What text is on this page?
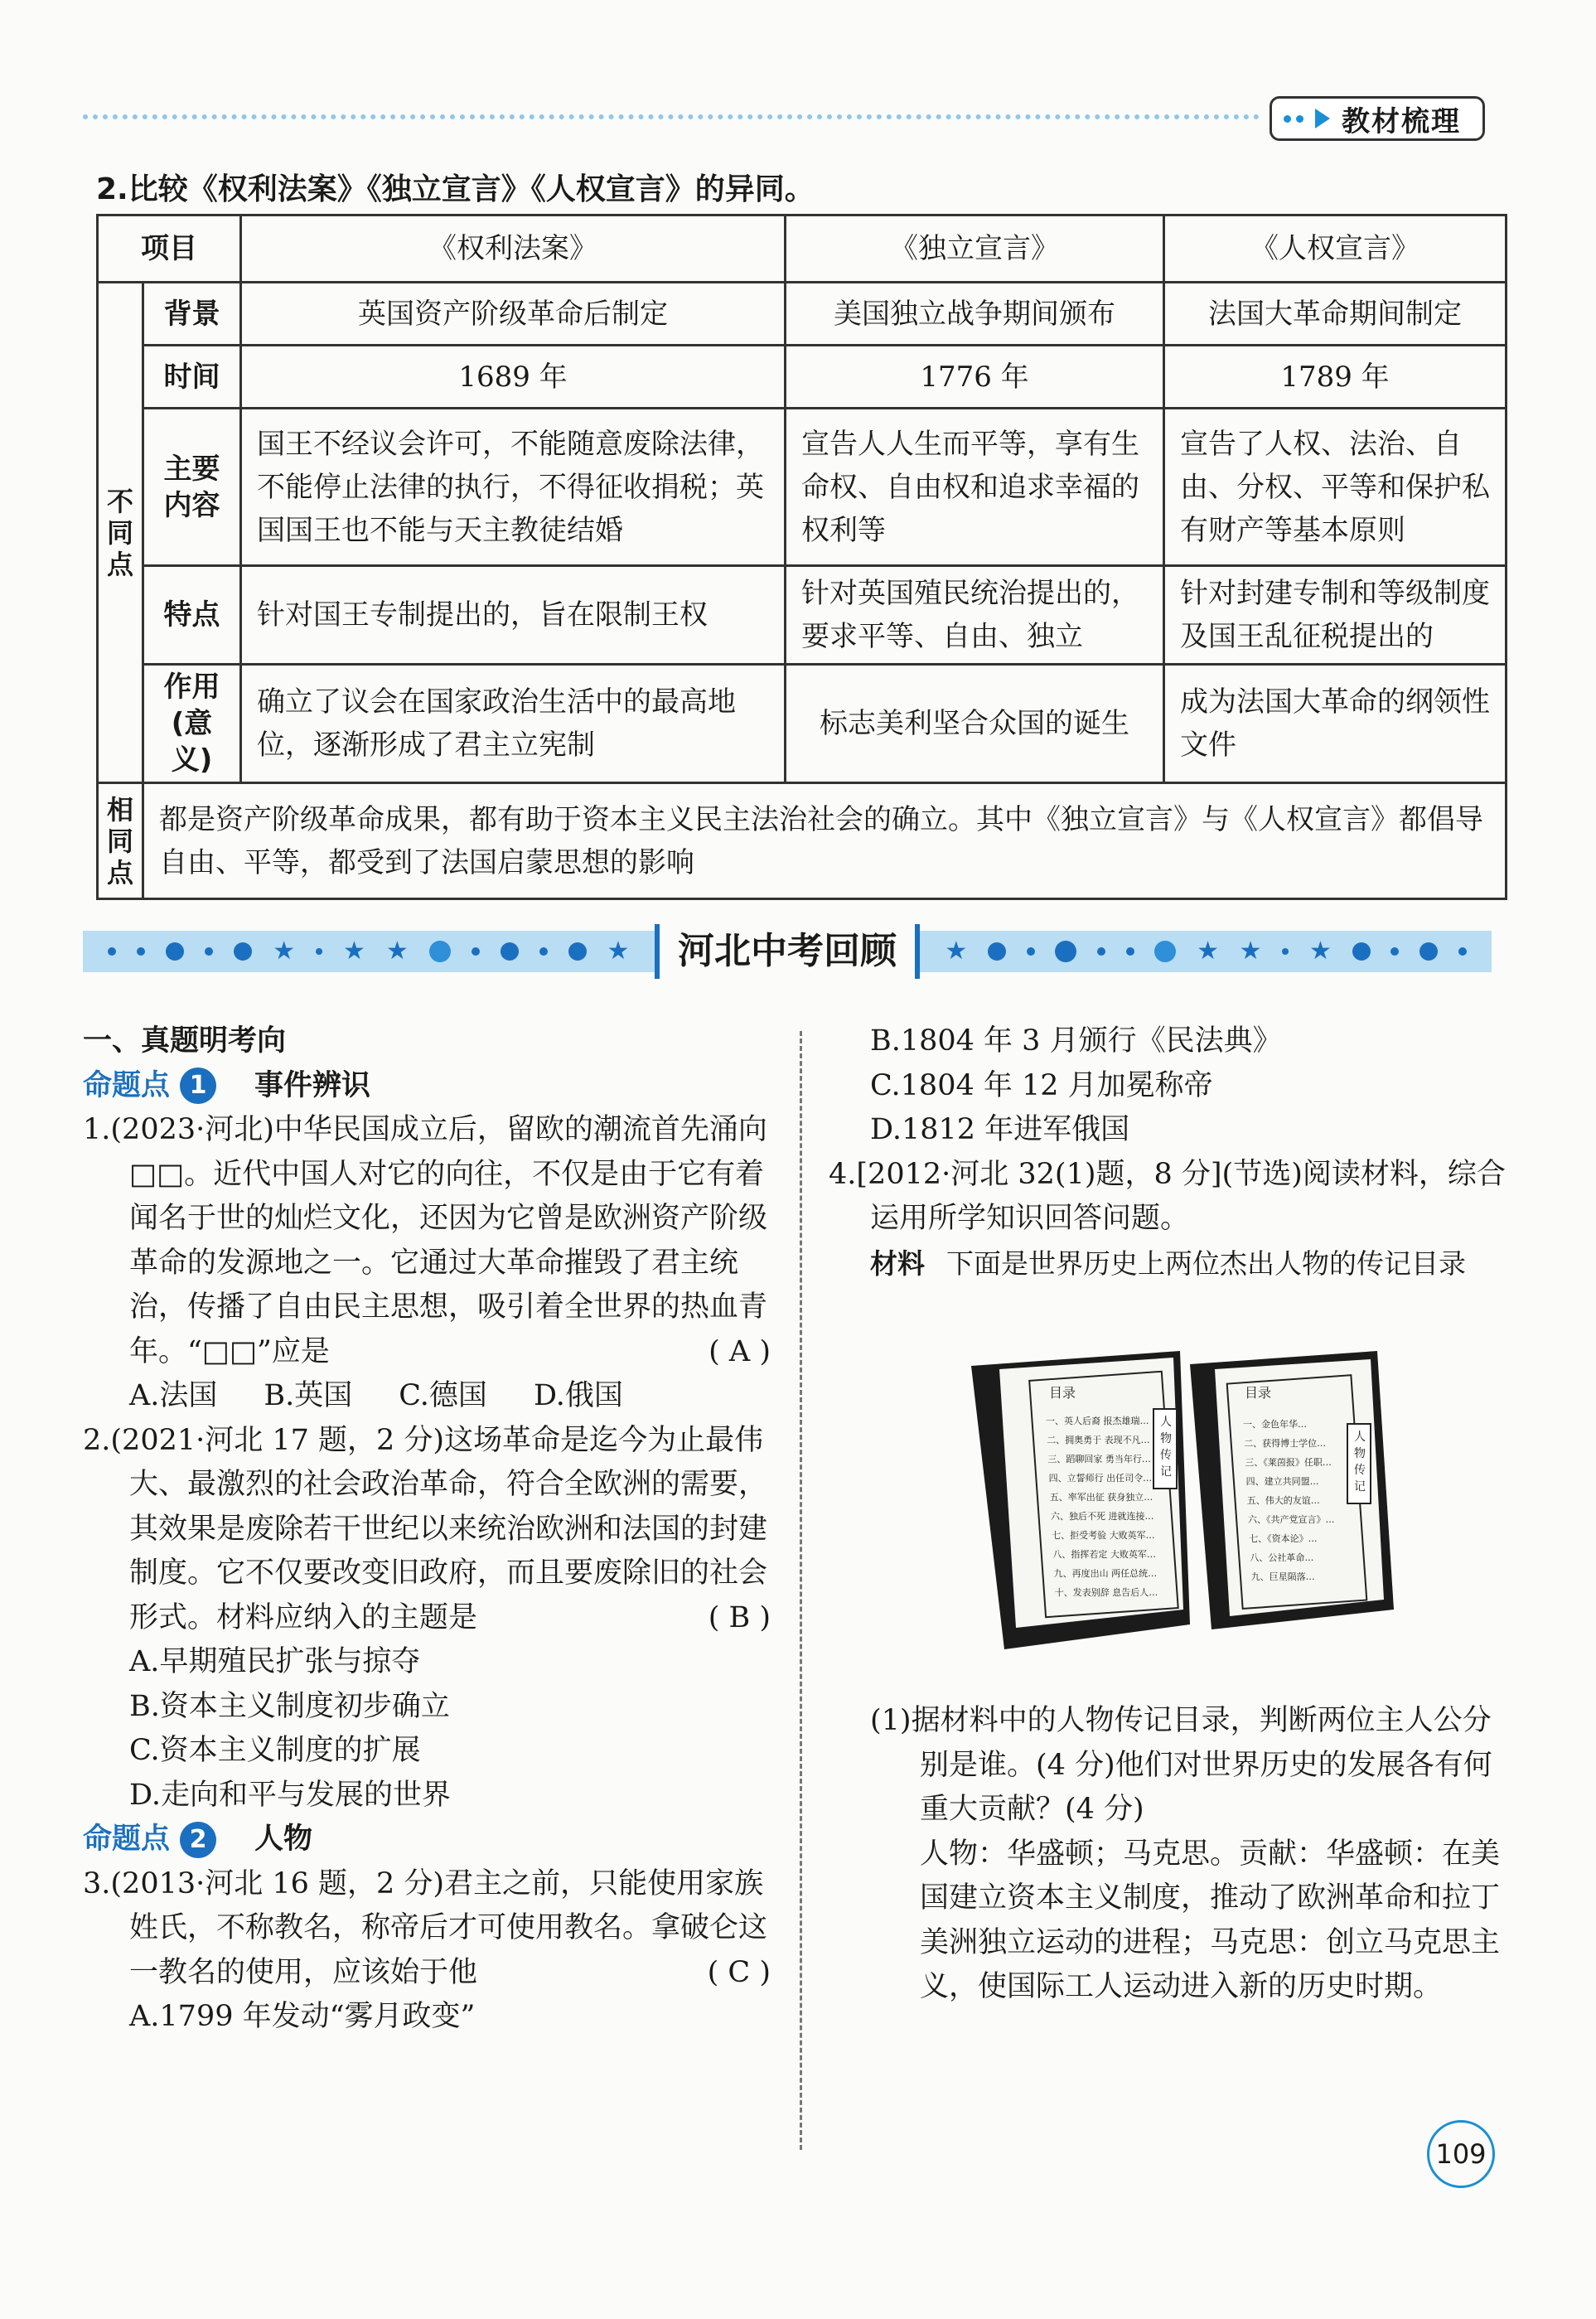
教材梳理
2.比较《权利法案》《独立宣言》《人权宣言》的异同。
项目		《权利法案》	《独立宣言》	《人权宣言》

不
同
点	背景	英国资产阶级革命后制定	美国独立战争期间颁布	法国大革命期间制定
	时间	1689 年	1776 年	1789 年
	主要内容	国王不经议会许可，不能随意废除法律，不能停止法律的执行，不得征收捐税；英国国王也不能与天主教徒结婚	宣告人人生而平等，享有生命权、自由权和追求幸福的权利等	宣告了人权、法治、自由、分权、平等和保护私有财产等基本原则
	特点	针对国王专制提出的，旨在限制王权	针对英国殖民统治提出的，要求平等、自由、独立	针对封建专制和等级制度及国王乱征税提出的
	作用(意义)	确立了议会在国家政治生活中的最高地位，逐渐形成了君主立宪制	标志美利坚合众国的诞生	成为法国大革命的纲领性文件

相
同
点	都是资产阶级革命成果，都有助于资本主义民主法治社会的确立。其中《独立宣言》与《人权宣言》都倡导自由、平等，都受到了法国启蒙思想的影响			
★ ★ ★	★	河北中考回顾	★	★ ★ ★

一、真题明考向

命题点 1	事件辨识

1.(2023·河北)中华民国成立后，留欧的潮流首先涌向□□。近代中国人对它的向往，不仅是由于它有着闻名于世的灿烂文化，还因为它曾是欧洲资产阶级革命的发源地之一。它通过大革命摧毁了君主统治，传播了自由民主思想，吸引着全世界的热血青年。“□□”应是	( A )

A.法国 B.英国 C.德国 D.俄国

2.(2021·河北 17 题，2 分)这场革命是迄今为止最伟大、最激烈的社会政治革命，符合全欧洲的需要，其效果是废除若干世纪以来统治欧洲和法国的封建制度。它不仅要改变旧政府，而且要废除旧的社会形式。材料应纳入的主题是	( B )

A.早期殖民扩张与掠夺

B.资本主义制度初步确立

C.资本主义制度的扩展

D.走向和平与发展的世界

命题点 2	人物

3.(2013·河北 16 题，2 分)君主之前，只能使用家族姓氏，不称教名，称帝后才可使用教名。拿破仑这一教名的使用，应该始于他	( C )

A.1799 年发动“雾月政变”

B.1804 年 3 月颁行《民法典》

C.1804 年 12 月加冕称帝

D.1812 年进军俄国

4.[2012·河北 32(1)题，8 分](节选)阅读材料，综合运用所学知识回答问题。

材料 下面是世界历史上两位杰出人物的传记目录

目录
人物传记
一、英人后裔 报杰雄瑞…
二、拥奥勇于 表现不凡…
三、蹈聊回家 勇当年行…
四、立誓师行 出任司令…
五、率军出征 获身独立…
六、独后不死 进就连接…
七、拒受考验 大败英军…
八、指挥若定 大败英军…
九、再度出山 两任总统…
十、发表别辞 息告后人…
目录
人物传记
一、金色年华…
二、获得博士学位…
三、《莱茵报》任职…
四、建立共同盟…
五、伟大的友谊…
六、《共产党宣言》…
七、《资本论》…
八、公社革命…
九、巨星陨落…

(1)据材料中的人物传记目录，判断两位主人公分别是谁。(4 分)他们对世界历史的发展各有何重大贡献？(4 分)

人物：华盛顿；马克思。贡献：华盛顿：在美国建立资本主义制度，推动了欧洲革命和拉丁美洲独立运动的进程；马克思：创立马克思主义，使国际工人运动进入新的历史时期。

109
